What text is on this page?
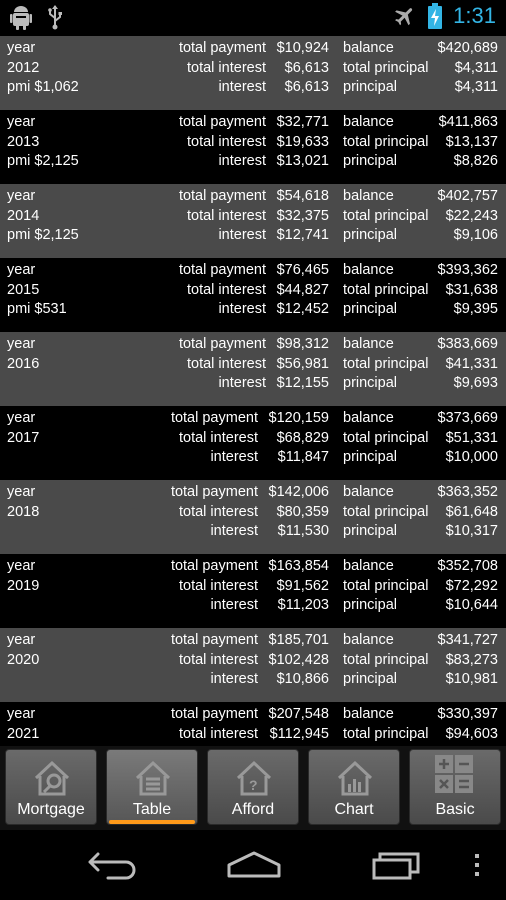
1:31
year	total payment $10,924 balance	$420,689
2012	total interest $6,613 total principal $4,311
pmi $1,062	interest $6,613 principal	$4,311
year	total payment $32,771 balance	$411,863
2013	total interest $19,633 total principal $13,137
pmi $2,125	interest $13,021 principal	$8,826
year	total payment $54,618 balance	$402,757
2014	total interest $32,375 total principal $22,243
pmi $2,125	interest $12,741 principal	$9,106
year	total payment $76,465 balance	$393,362
2015	total interest $44,827 total principal $31,638
pmi $531	interest $12,452 principal	$9,395
year	total payment $98,312 balance	$383,669
2016	total interest $56,981 total principal $41,331
interest $12,155 principal	$9,693
year	total payment $120,159 balance	$373,669
2017	total interest $68,829 total principal $51,331
interest $11,847 principal	$10,000
year	total payment $142,006 balance	$363,352
2018	total interest $80,359 total principal $61,648
interest $11,530 principal	$10,317
year	total payment $163,854 balance	$352,708
2019	total interest $91,562 total principal $72,292
interest $11,203 principal	$10,644
year	total payment $185,701 balance	$341,727
2020	total interest $102,428 total principal $83,273
interest $10,866 principal	$10,981
year	total payment $207,548 balance	$330,397
2021	total interest $112,945 total principal $94,603
Mortgage	Table
?
Afford	Chart	Basic
